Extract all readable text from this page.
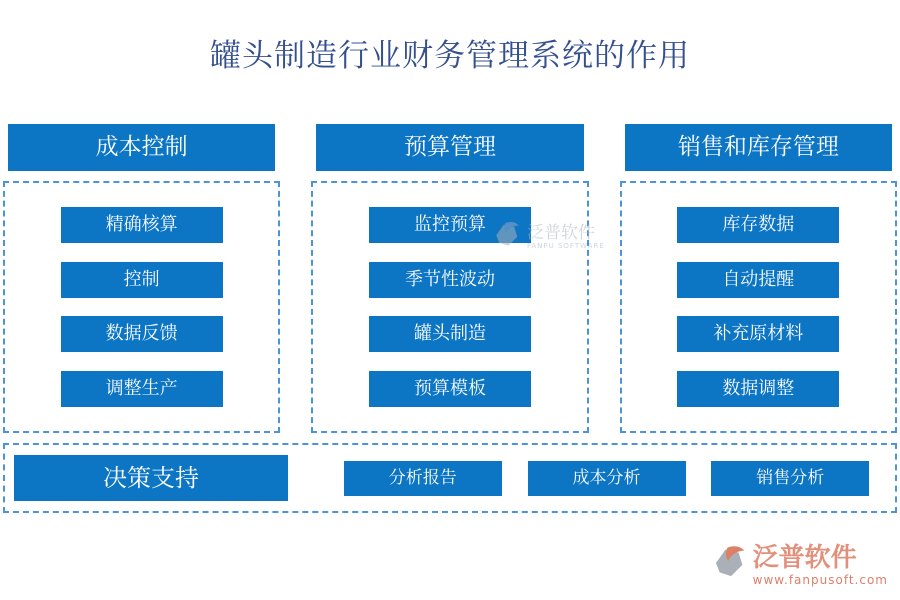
罐头制造行业财务管理系统的作用
成本控制
精确核算
控制
数据反馈
调整生产
预算管理
监控预算
季节性波动
罐头制造
预算模板
销售和库存管理
库存数据
自动提醒
补充原材料
数据调整
决策支持	分析报告	成本分析	销售分析
泛普软件
FANPU SOFTWARE
泛普软件
www.fanpusoft.com
